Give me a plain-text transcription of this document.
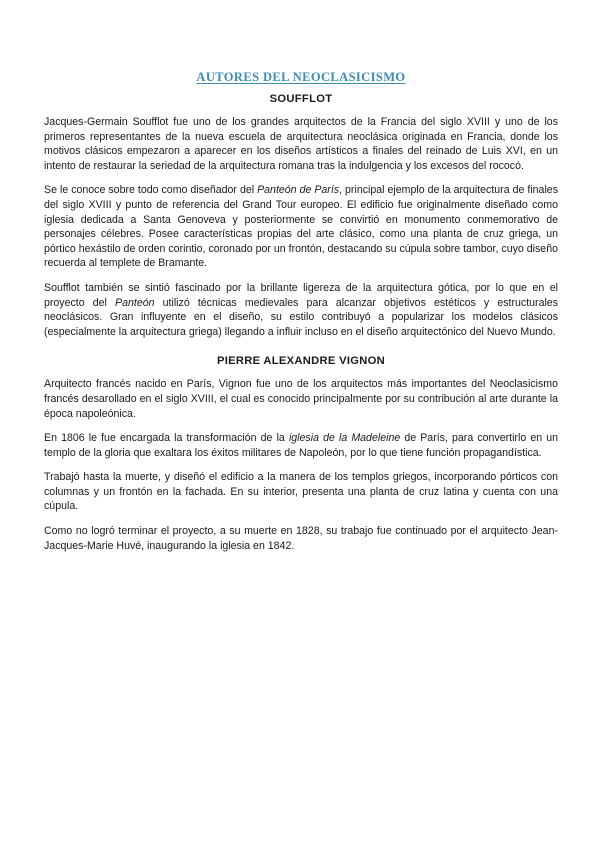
AUTORES DEL NEOCLASICISMO
SOUFFLOT

Jacques-Germain Soufflot fue uno de los grandes arquitectos de la Francia del siglo XVIII y uno de los primeros representantes de la nueva escuela de arquitectura neoclásica originada en Francia, donde los motivos clásicos empezaron a aparecer en los diseños artísticos a finales del reinado de Luis XVI, en un intento de restaurar la seriedad de la arquitectura romana tras la indulgencia y los excesos del rococó.

Se le conoce sobre todo como diseñador del Panteón de París, principal ejemplo de la arquitectura de finales del siglo XVIII y punto de referencia del Grand Tour europeo. El edificio fue originalmente diseñado como iglesia dedicada a Santa Genoveva y posteriormente se convirtió en monumento conmemorativo de personajes célebres. Posee características propias del arte clásico, como una planta de cruz griega, un pórtico hexástilo de orden corintio, coronado por un frontón, destacando su cúpula sobre tambor, cuyo diseño recuerda al templete de Bramante.

Soufflot también se sintió fascinado por la brillante ligereza de la arquitectura gótica, por lo que en el proyecto del Panteón utilizó técnicas medievales para alcanzar objetivos estéticos y estructurales neoclásicos. Gran influyente en el diseño, su estilo contribuyó a popularizar los modelos clásicos (especialmente la arquitectura griega) llegando a influir incluso en el diseño arquitectónico del Nuevo Mundo.

PIERRE ALEXANDRE VIGNON

Arquitecto francés nacido en París, Vignon fue uno de los arquitectos más importantes del Neoclasicismo francés desarollado en el siglo XVIII, el cual es conocido principalmente por su contribución al arte durante la época napoleónica.

En 1806 le fue encargada la transformación de la iglesia de la Madeleine de París, para convertirlo en un templo de la gloria que exaltara los éxitos militares de Napoleón, por lo que tiene función propagandística.

Trabajó hasta la muerte, y diseñó el edificio a la manera de los templos griegos, incorporando pórticos con columnas y un frontón en la fachada. En su interior, presenta una planta de cruz latina y cuenta con una cúpula.

Como no logró terminar el proyecto, a su muerte en 1828, su trabajo fue continuado por el arquitecto Jean-Jacques-Marie Huvé, inaugurando la iglesia en 1842.
